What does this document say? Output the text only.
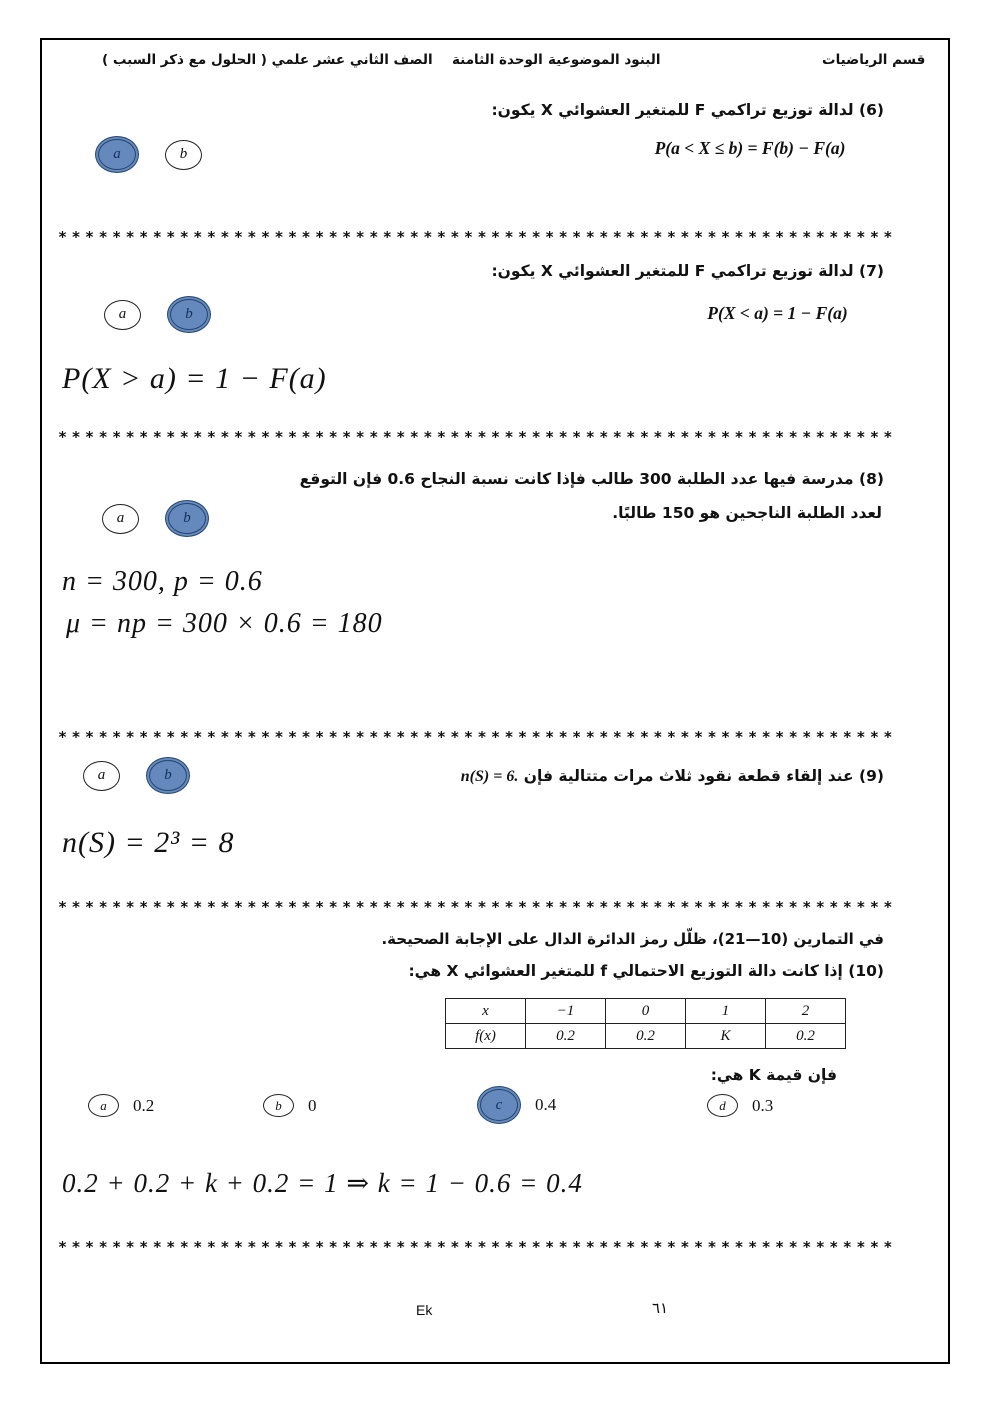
قسم الرياضيات
البنود الموضوعية
الوحدة الثامنة
الصف الثاني عشر علمي ( الحلول مع ذكر السبب )
(6) لدالة توزيع تراكمي F للمتغير العشوائي X يكون:
P(a < X ≤ b) = F(b) − F(a)
a	b
**************************************************************
(7) لدالة توزيع تراكمي F للمتغير العشوائي X يكون:
P(X < a) = 1 − F(a)
a	b
P(X > a) = 1 − F(a)
**************************************************************
(8) مدرسة فيها عدد الطلبة 300 طالب فإذا كانت نسبة النجاح 0.6 فإن التوقع
لعدد الطلبة الناجحين هو 150 طالبًا.
a	b
n = 300, p = 0.6
μ = np = 300 × 0.6 = 180
**************************************************************
(9) عند إلقاء قطعة نقود ثلاث مرات متتالية فإن n(S) = 6.
a	b
n(S) = 2³ = 8
**************************************************************
في التمارين (10—21)، ظلّل رمز الدائرة الدال على الإجابة الصحيحة.
(10) إذا كانت دالة التوزيع الاحتمالي f للمتغير العشوائي X هي:
x	−1	0	1	2
f(x)	0.2	0.2	K	0.2
فإن قيمة K هي:
a 0.2	b 0	c 0.4	d 0.3
0.2 + 0.2 + k + 0.2 = 1 ⇒ k = 1 − 0.6 = 0.4
**************************************************************
Ek	٦١
